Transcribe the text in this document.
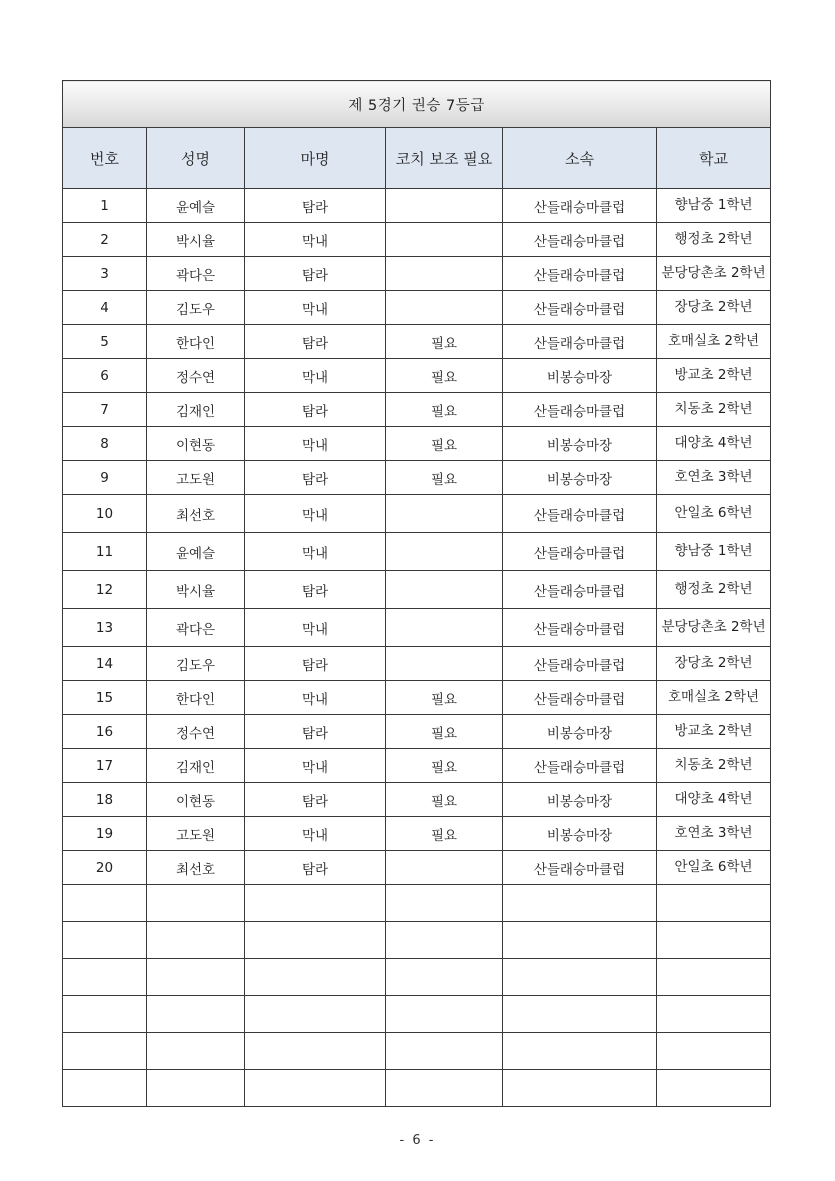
제 5경기 권승 7등급					
번호	성명	마명	코치 보조 필요	소속	학교
1	윤예슬	탐라		산들래승마클럽	향남중 1학년
2	박시율	막내		산들래승마클럽	행정초 2학년
3	곽다은	탐라		산들래승마클럽	분당당촌초 2학년
4	김도우	막내		산들래승마클럽	장당초 2학년
5	한다인	탐라	필요	산들래승마클럽	호매실초 2학년
6	정수연	막내	필요	비봉승마장	방교초 2학년
7	김재인	탐라	필요	산들래승마클럽	치동초 2학년
8	이현동	막내	필요	비봉승마장	대양초 4학년
9	고도원	탐라	필요	비봉승마장	호연초 3학년
10	최선호	막내		산들래승마클럽	안일초 6학년
11	윤예슬	막내		산들래승마클럽	향남중 1학년
12	박시율	탐라		산들래승마클럽	행정초 2학년
13	곽다은	막내		산들래승마클럽	분당당촌초 2학년
14	김도우	탐라		산들래승마클럽	장당초 2학년
15	한다인	막내	필요	산들래승마클럽	호매실초 2학년
16	정수연	탐라	필요	비봉승마장	방교초 2학년
17	김재인	막내	필요	산들래승마클럽	치동초 2학년
18	이현동	탐라	필요	비봉승마장	대양초 4학년
19	고도원	막내	필요	비봉승마장	호연초 3학년
20	최선호	탐라		산들래승마클럽	안일초 6학년

- 6 -
